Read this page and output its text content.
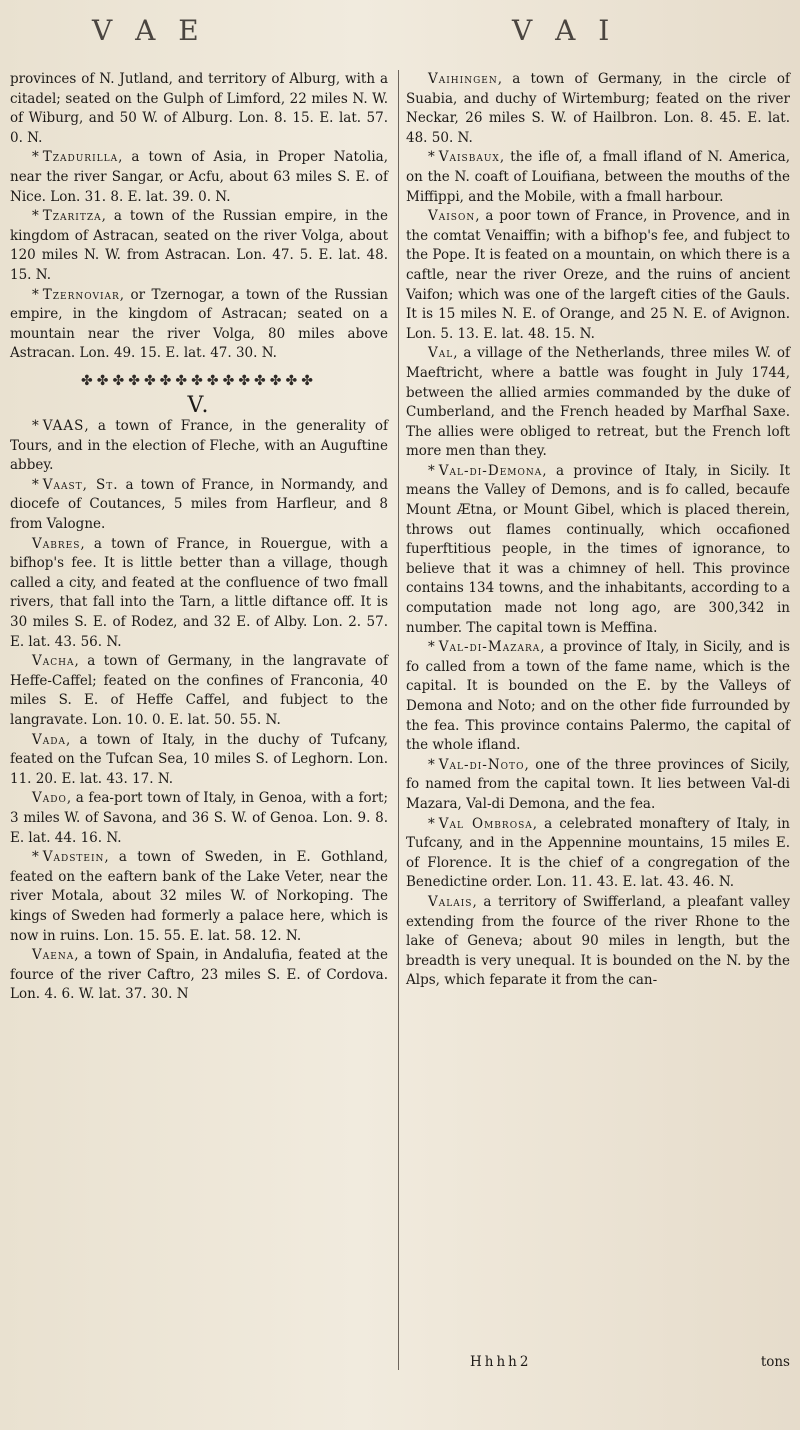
V A E	V A I

provinces of N. Jutland, and territory of Alburg, with a citadel; seated on the Gulph of Limford, 22 miles N. W. of Wiburg, and 50 W. of Alburg. Lon. 8. 15. E. lat. 57. 0. N.

* Tzadurilla, a town of Asia, in Proper Natolia, near the river Sangar, or Acfu, about 63 miles S. E. of Nice. Lon. 31. 8. E. lat. 39. 0. N.

* Tzaritza, a town of the Russian empire, in the kingdom of Astracan, seated on the river Volga, about 120 miles N. W. from Astracan. Lon. 47. 5. E. lat. 48. 15. N.

* Tzernoviar, or Tzernogar, a town of the Russian empire, in the kingdom of Astracan; seated on a mountain near the river Volga, 80 miles above Astracan. Lon. 49. 15. E. lat. 47. 30. N.

✤✤✤✤✤✤✤✤✤✤✤✤✤✤✤
V.

* VAAS, a town of France, in the generality of Tours, and in the election of Fleche, with an Auguftine abbey.

* Vaast, St. a town of France, in Normandy, and diocefe of Coutances, 5 miles from Harfleur, and 8 from Valogne.

Vabres, a town of France, in Rouergue, with a bifhop's fee. It is little better than a village, though called a city, and feated at the confluence of two fmall rivers, that fall into the Tarn, a little diftance off. It is 30 miles S. E. of Rodez, and 32 E. of Alby. Lon. 2. 57. E. lat. 43. 56. N.

Vacha, a town of Germany, in the langravate of Heffe-Caffel; feated on the confines of Franconia, 40 miles S. E. of Heffe Caffel, and fubject to the langravate. Lon. 10. 0. E. lat. 50. 55. N.

Vada, a town of Italy, in the duchy of Tufcany, feated on the Tufcan Sea, 10 miles S. of Leghorn. Lon. 11. 20. E. lat. 43. 17. N.

Vado, a fea-port town of Italy, in Genoa, with a fort; 3 miles W. of Savona, and 36 S. W. of Genoa. Lon. 9. 8. E. lat. 44. 16. N.

* Vadstein, a town of Sweden, in E. Gothland, feated on the eaftern bank of the Lake Veter, near the river Motala, about 32 miles W. of Norkoping. The kings of Sweden had formerly a palace here, which is now in ruins. Lon. 15. 55. E. lat. 58. 12. N.

Vaena, a town of Spain, in Andalufia, feated at the fource of the river Caftro, 23 miles S. E. of Cordova. Lon. 4. 6. W. lat. 37. 30. N

Vaihingen, a town of Germany, in the circle of Suabia, and duchy of Wirtemburg; feated on the river Neckar, 26 miles S. W. of Hailbron. Lon. 8. 45. E. lat. 48. 50. N.

* Vaisbaux, the ifle of, a fmall ifland of N. America, on the N. coaft of Louifiana, between the mouths of the Miffippi, and the Mobile, with a fmall harbour.

Vaison, a poor town of France, in Provence, and in the comtat Venaiffin; with a bifhop's fee, and fubject to the Pope. It is feated on a mountain, on which there is a caftle, near the river Oreze, and the ruins of ancient Vaifon; which was one of the largeft cities of the Gauls. It is 15 miles N. E. of Orange, and 25 N. E. of Avignon. Lon. 5. 13. E. lat. 48. 15. N.

Val, a village of the Netherlands, three miles W. of Maeftricht, where a battle was fought in July 1744, between the allied armies commanded by the duke of Cumberland, and the French headed by Marfhal Saxe. The allies were obliged to retreat, but the French loft more men than they.

* Val-di-Demona, a province of Italy, in Sicily. It means the Valley of Demons, and is fo called, becaufe Mount Ætna, or Mount Gibel, which is placed therein, throws out flames continually, which occafioned fuperftitious people, in the times of ignorance, to believe that it was a chimney of hell. This province contains 134 towns, and the inhabitants, according to a computation made not long ago, are 300,342 in number. The capital town is Meffina.

* Val-di-Mazara, a province of Italy, in Sicily, and is fo called from a town of the fame name, which is the capital. It is bounded on the E. by the Valleys of Demona and Noto; and on the other fide furrounded by the fea. This province contains Palermo, the capital of the whole ifland.

* Val-di-Noto, one of the three provinces of Sicily, fo named from the capital town. It lies between Val-di Mazara, Val-di Demona, and the fea.

* Val Ombrosa, a celebrated monaftery of Italy, in Tufcany, and in the Appennine mountains, 15 miles E. of Florence. It is the chief of a congregation of the Benedictine order. Lon. 11. 43. E. lat. 43. 46. N.

Valais, a territory of Swifferland, a pleafant valley extending from the fource of the river Rhone to the lake of Geneva; about 90 miles in length, but the breadth is very unequal. It is bounded on the N. by the Alps, which feparate it from the can-

Hhhh2	tons
